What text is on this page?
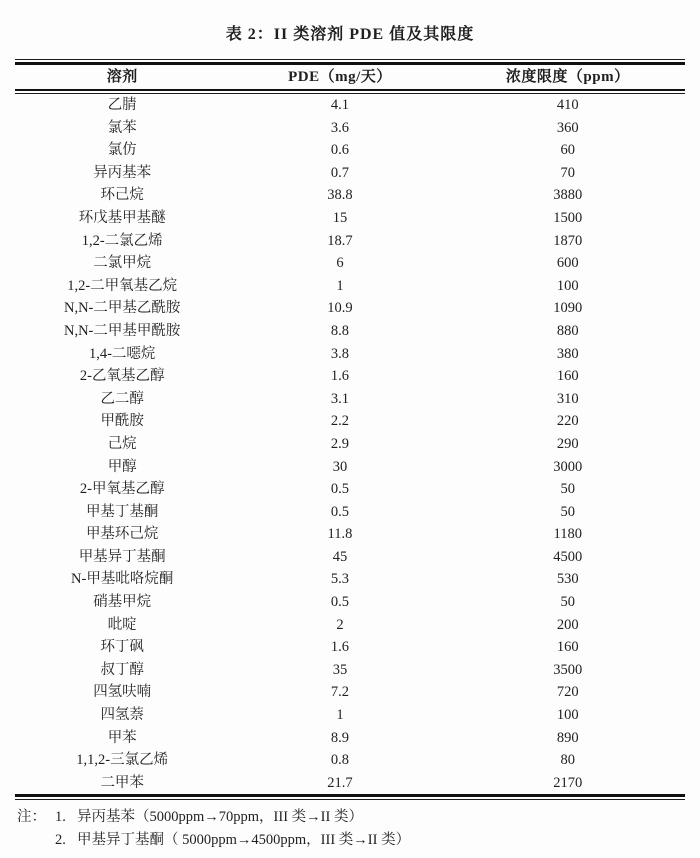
表 2：II 类溶剂 PDE 值及其限度
溶剂	PDE（mg/天）	浓度限度（ppm）
乙腈	4.1	410
氯苯	3.6	360
氯仿	0.6	60
异丙基苯	0.7	70
环己烷	38.8	3880
环戊基甲基醚	15	1500
1,2-二氯乙烯	18.7	1870
二氯甲烷	6	600
1,2-二甲氧基乙烷	1	100
N,N-二甲基乙酰胺	10.9	1090
N,N-二甲基甲酰胺	8.8	880
1,4-二噁烷	3.8	380
2-乙氧基乙醇	1.6	160
乙二醇	3.1	310
甲酰胺	2.2	220
己烷	2.9	290
甲醇	30	3000
2-甲氧基乙醇	0.5	50
甲基丁基酮	0.5	50
甲基环己烷	11.8	1180
甲基异丁基酮	45	4500
N-甲基吡咯烷酮	5.3	530
硝基甲烷	0.5	50
吡啶	2	200
环丁砜	1.6	160
叔丁醇	35	3500
四氢呋喃	7.2	720
四氢萘	1	100
甲苯	8.9	890
1,1,2-三氯乙烯	0.8	80
二甲苯	21.7	2170
注： 1. 异丙基苯（5000ppm→70ppm，III 类→II 类）
2. 甲基异丁基酮（ 5000ppm→4500ppm，III 类→II 类）
